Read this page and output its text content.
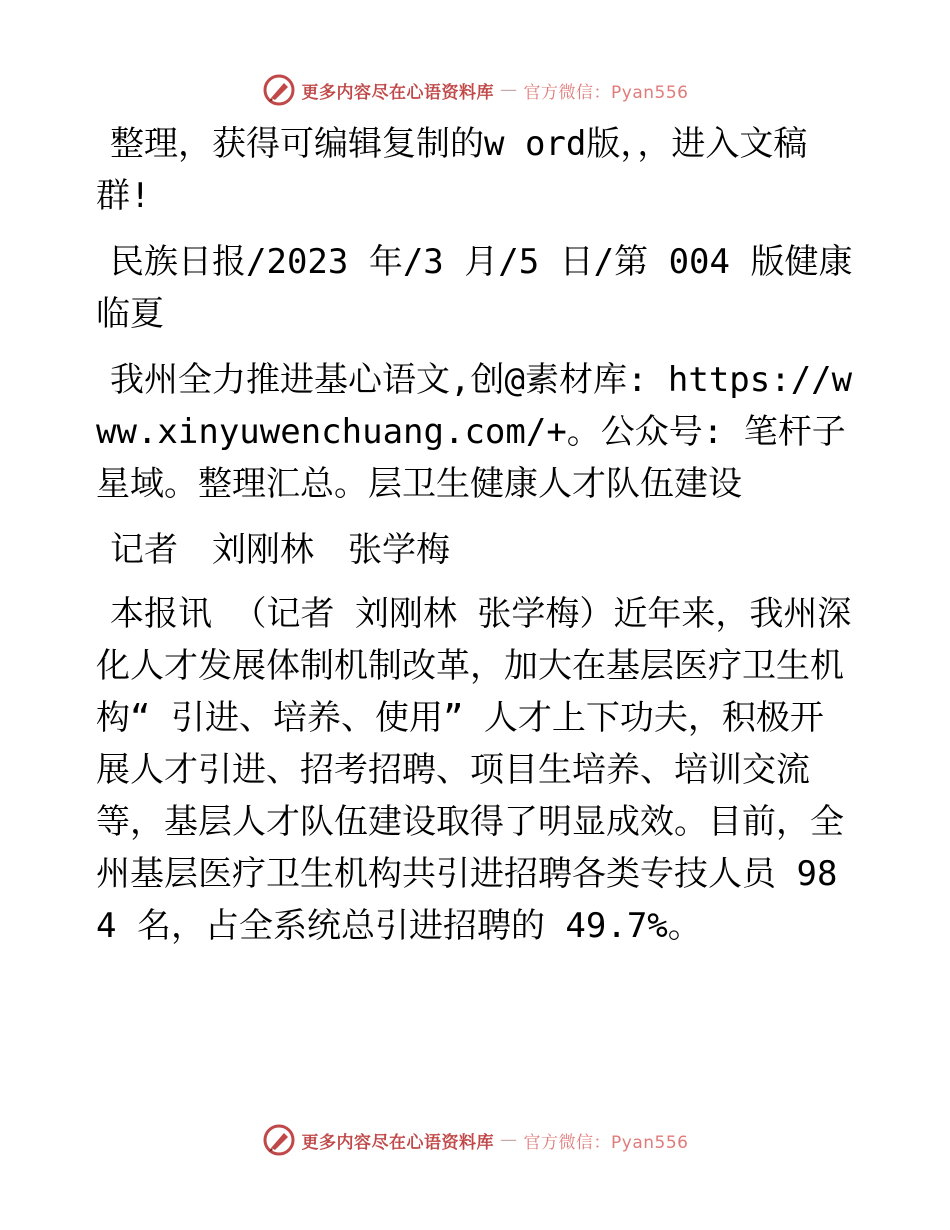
更多内容尽在心语资料库 — 官方微信：Pyan556

整理，获得可编辑复制的w ord版，，进入文稿群!

民族日报/2023 年/3 月/5 日/第 004 版健康临夏

我州全力推进基心语文,创@素材库: https://www.xinyuwenchuang.com/+。公众号: 笔杆子星域。整理汇总。层卫生健康人才队伍建设

记者　刘刚林　张学梅

本报讯 （记者 刘刚林 张学梅）近年来，我州深化人才发展体制机制改革，加大在基层医疗卫生机构“ 引进、培养、使用” 人才上下功夫，积极开展人才引进、招考招聘、项目生培养、培训交流等，基层人才队伍建设取得了明显成效。目前，全州基层医疗卫生机构共引进招聘各类专技人员 984 名，占全系统总引进招聘的 49.7%。

更多内容尽在心语资料库 — 官方微信：Pyan556
